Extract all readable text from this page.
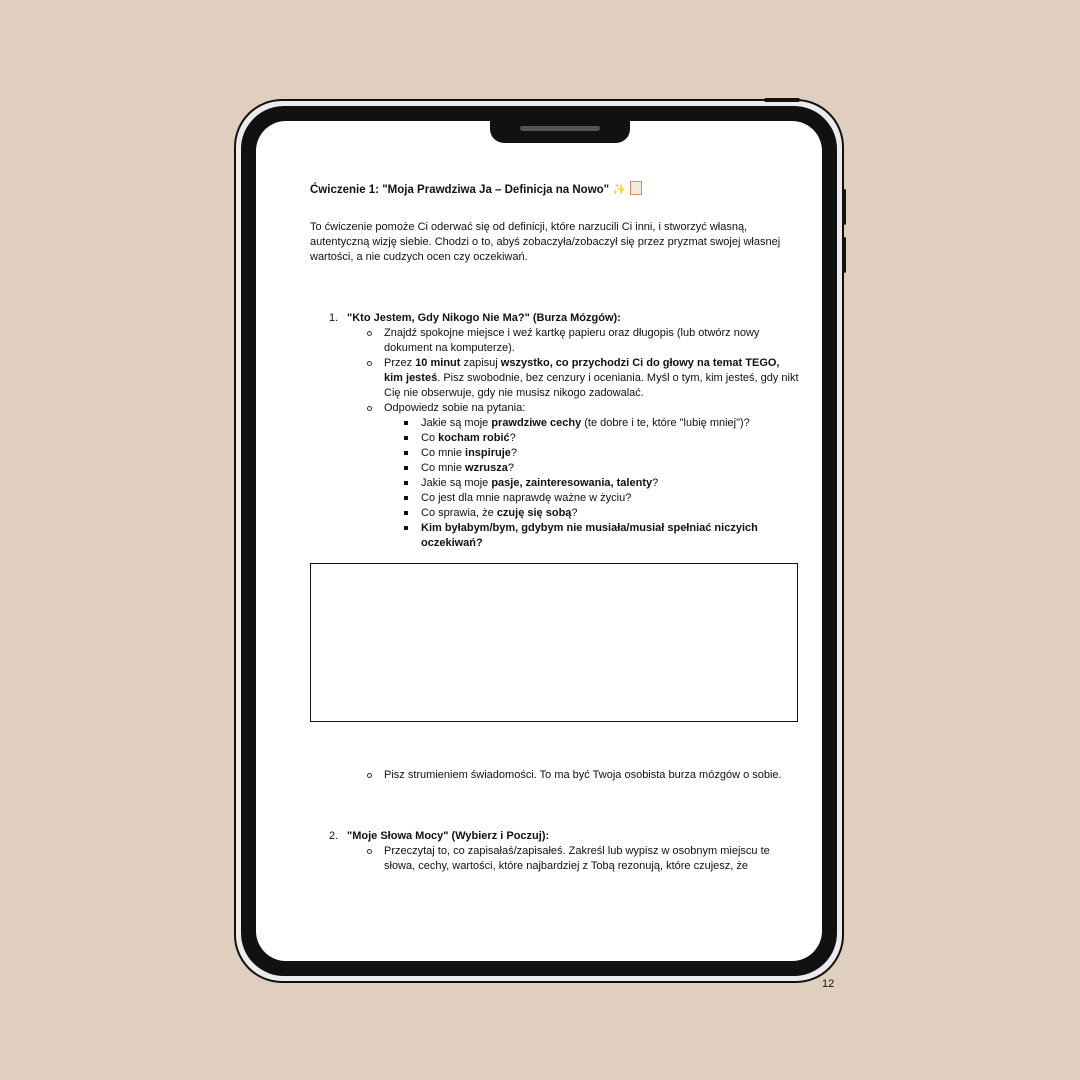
Ćwiczenie 1: "Moja Prawdziwa Ja – Definicja na Nowo" ✨

To ćwiczenie pomoże Ci oderwać się od definicji, które narzucili Ci inni, i stworzyć własną, autentyczną wizję siebie. Chodzi o to, abyś zobaczyła/zobaczył się przez pryzmat swojej własnej wartości, a nie cudzych ocen czy oczekiwań.

1. "Kto Jestem, Gdy Nikogo Nie Ma?" (Burza Mózgów):
Znajdź spokojne miejsce i weź kartkę papieru oraz długopis (lub otwórz nowy dokument na komputerze).
Przez 10 minut zapisuj wszystko, co przychodzi Ci do głowy na temat TEGO, kim jesteś. Pisz swobodnie, bez cenzury i oceniania. Myśl o tym, kim jesteś, gdy nikt Cię nie obserwuje, gdy nie musisz nikogo zadowalać.
Odpowiedz sobie na pytania:
Jakie są moje prawdziwe cechy (te dobre i te, które "lubię mniej")?
Co kocham robić?
Co mnie inspiruje?
Co mnie wzrusza?
Jakie są moje pasje, zainteresowania, talenty?
Co jest dla mnie naprawdę ważne w życiu?
Co sprawia, że czuję się sobą?
Kim byłabym/bym, gdybym nie musiała/musiał spełniać niczyich oczekiwań?
Pisz strumieniem świadomości. To ma być Twoja osobista burza mózgów o sobie.
2. "Moje Słowa Mocy" (Wybierz i Poczuj):
Przeczytaj to, co zapisałaś/zapisałeś. Zakreśl lub wypisz w osobnym miejscu te słowa, cechy, wartości, które najbardziej z Tobą rezonują, które czujesz, że
12
